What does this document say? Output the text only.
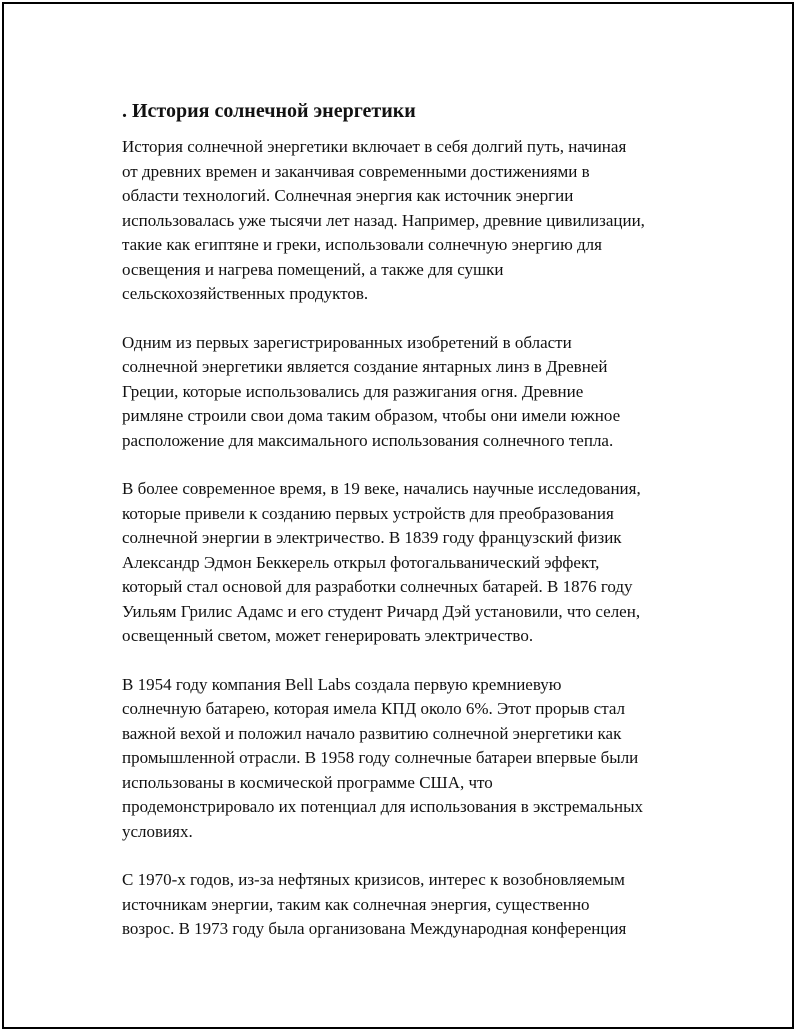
. История солнечной энергетики
История солнечной энергетики включает в себя долгий путь, начиная
от древних времен и заканчивая современными достижениями в
области технологий. Солнечная энергия как источник энергии
использовалась уже тысячи лет назад. Например, древние цивилизации,
такие как египтяне и греки, использовали солнечную энергию для
освещения и нагрева помещений, а также для сушки
сельскохозяйственных продуктов.
Одним из первых зарегистрированных изобретений в области
солнечной энергетики является создание янтарных линз в Древней
Греции, которые использовались для разжигания огня. Древние
римляне строили свои дома таким образом, чтобы они имели южное
расположение для максимального использования солнечного тепла.
В более современное время, в 19 веке, начались научные исследования,
которые привели к созданию первых устройств для преобразования
солнечной энергии в электричество. В 1839 году французский физик
Александр Эдмон Беккерель открыл фотогальванический эффект,
который стал основой для разработки солнечных батарей. В 1876 году
Уильям Грилис Адамс и его студент Ричард Дэй установили, что селен,
освещенный светом, может генерировать электричество.
В 1954 году компания Bell Labs создала первую кремниевую
солнечную батарею, которая имела КПД около 6%. Этот прорыв стал
важной вехой и положил начало развитию солнечной энергетики как
промышленной отрасли. В 1958 году солнечные батареи впервые были
использованы в космической программе США, что
продемонстрировало их потенциал для использования в экстремальных
условиях.
С 1970-х годов, из-за нефтяных кризисов, интерес к возобновляемым
источникам энергии, таким как солнечная энергия, существенно
возрос. В 1973 году была организована Международная конференция
